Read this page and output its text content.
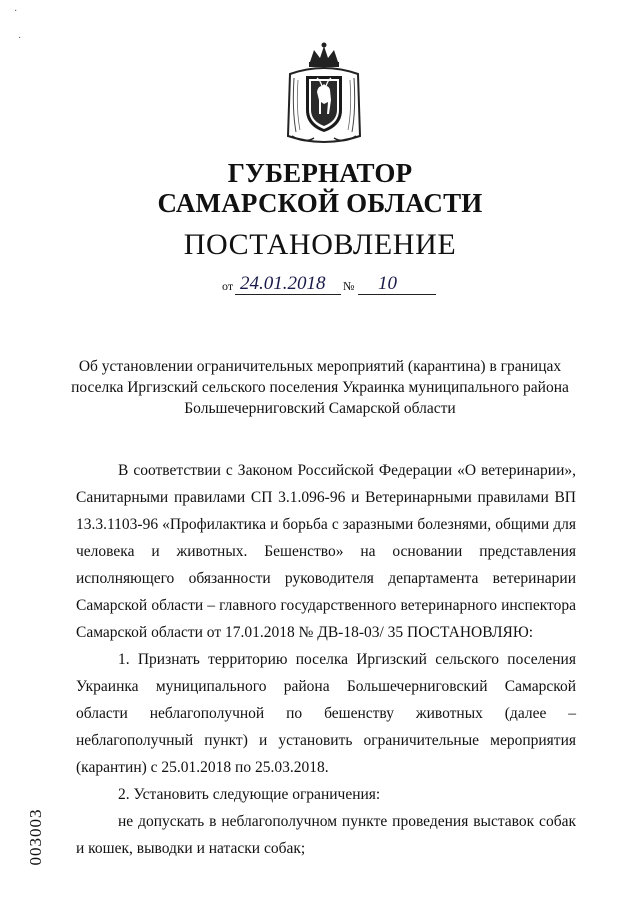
·
·
ГУБЕРНАТОР
САМАРСКОЙ ОБЛАСТИ
ПОСТАНОВЛЕНИЕ
от 24.01.2018 № 10
Об установлении ограничительных мероприятий (карантина) в границах
поселка Иргизский сельского поселения Украинка муниципального района
Большечерниговский Самарской области

В соответствии с Законом Российской Федерации «О ветеринарии», Санитарными правилами СП 3.1.096-96 и Ветеринарными правилами ВП 13.3.1103-96 «Профилактика и борьба с заразными болезнями, общими для человека и животных. Бешенство» на основании представления исполняющего обязанности руководителя департамента ветеринарии Самарской области – главного государственного ветеринарного инспектора Самарской области от 17.01.2018 № ДВ-18-03/ 35 ПОСТАНОВЛЯЮ:

1. Признать территорию поселка Иргизский сельского поселения Украинка муниципального района Большечерниговский Самарской области неблагополучной по бешенству животных (далее – неблагополучный пункт) и установить ограничительные мероприятия (карантин) с 25.01.2018 по 25.03.2018.

2. Установить следующие ограничения:

не допускать в неблагополучном пункте проведения выставок собак и кошек, выводки и натаски собак;

003003
